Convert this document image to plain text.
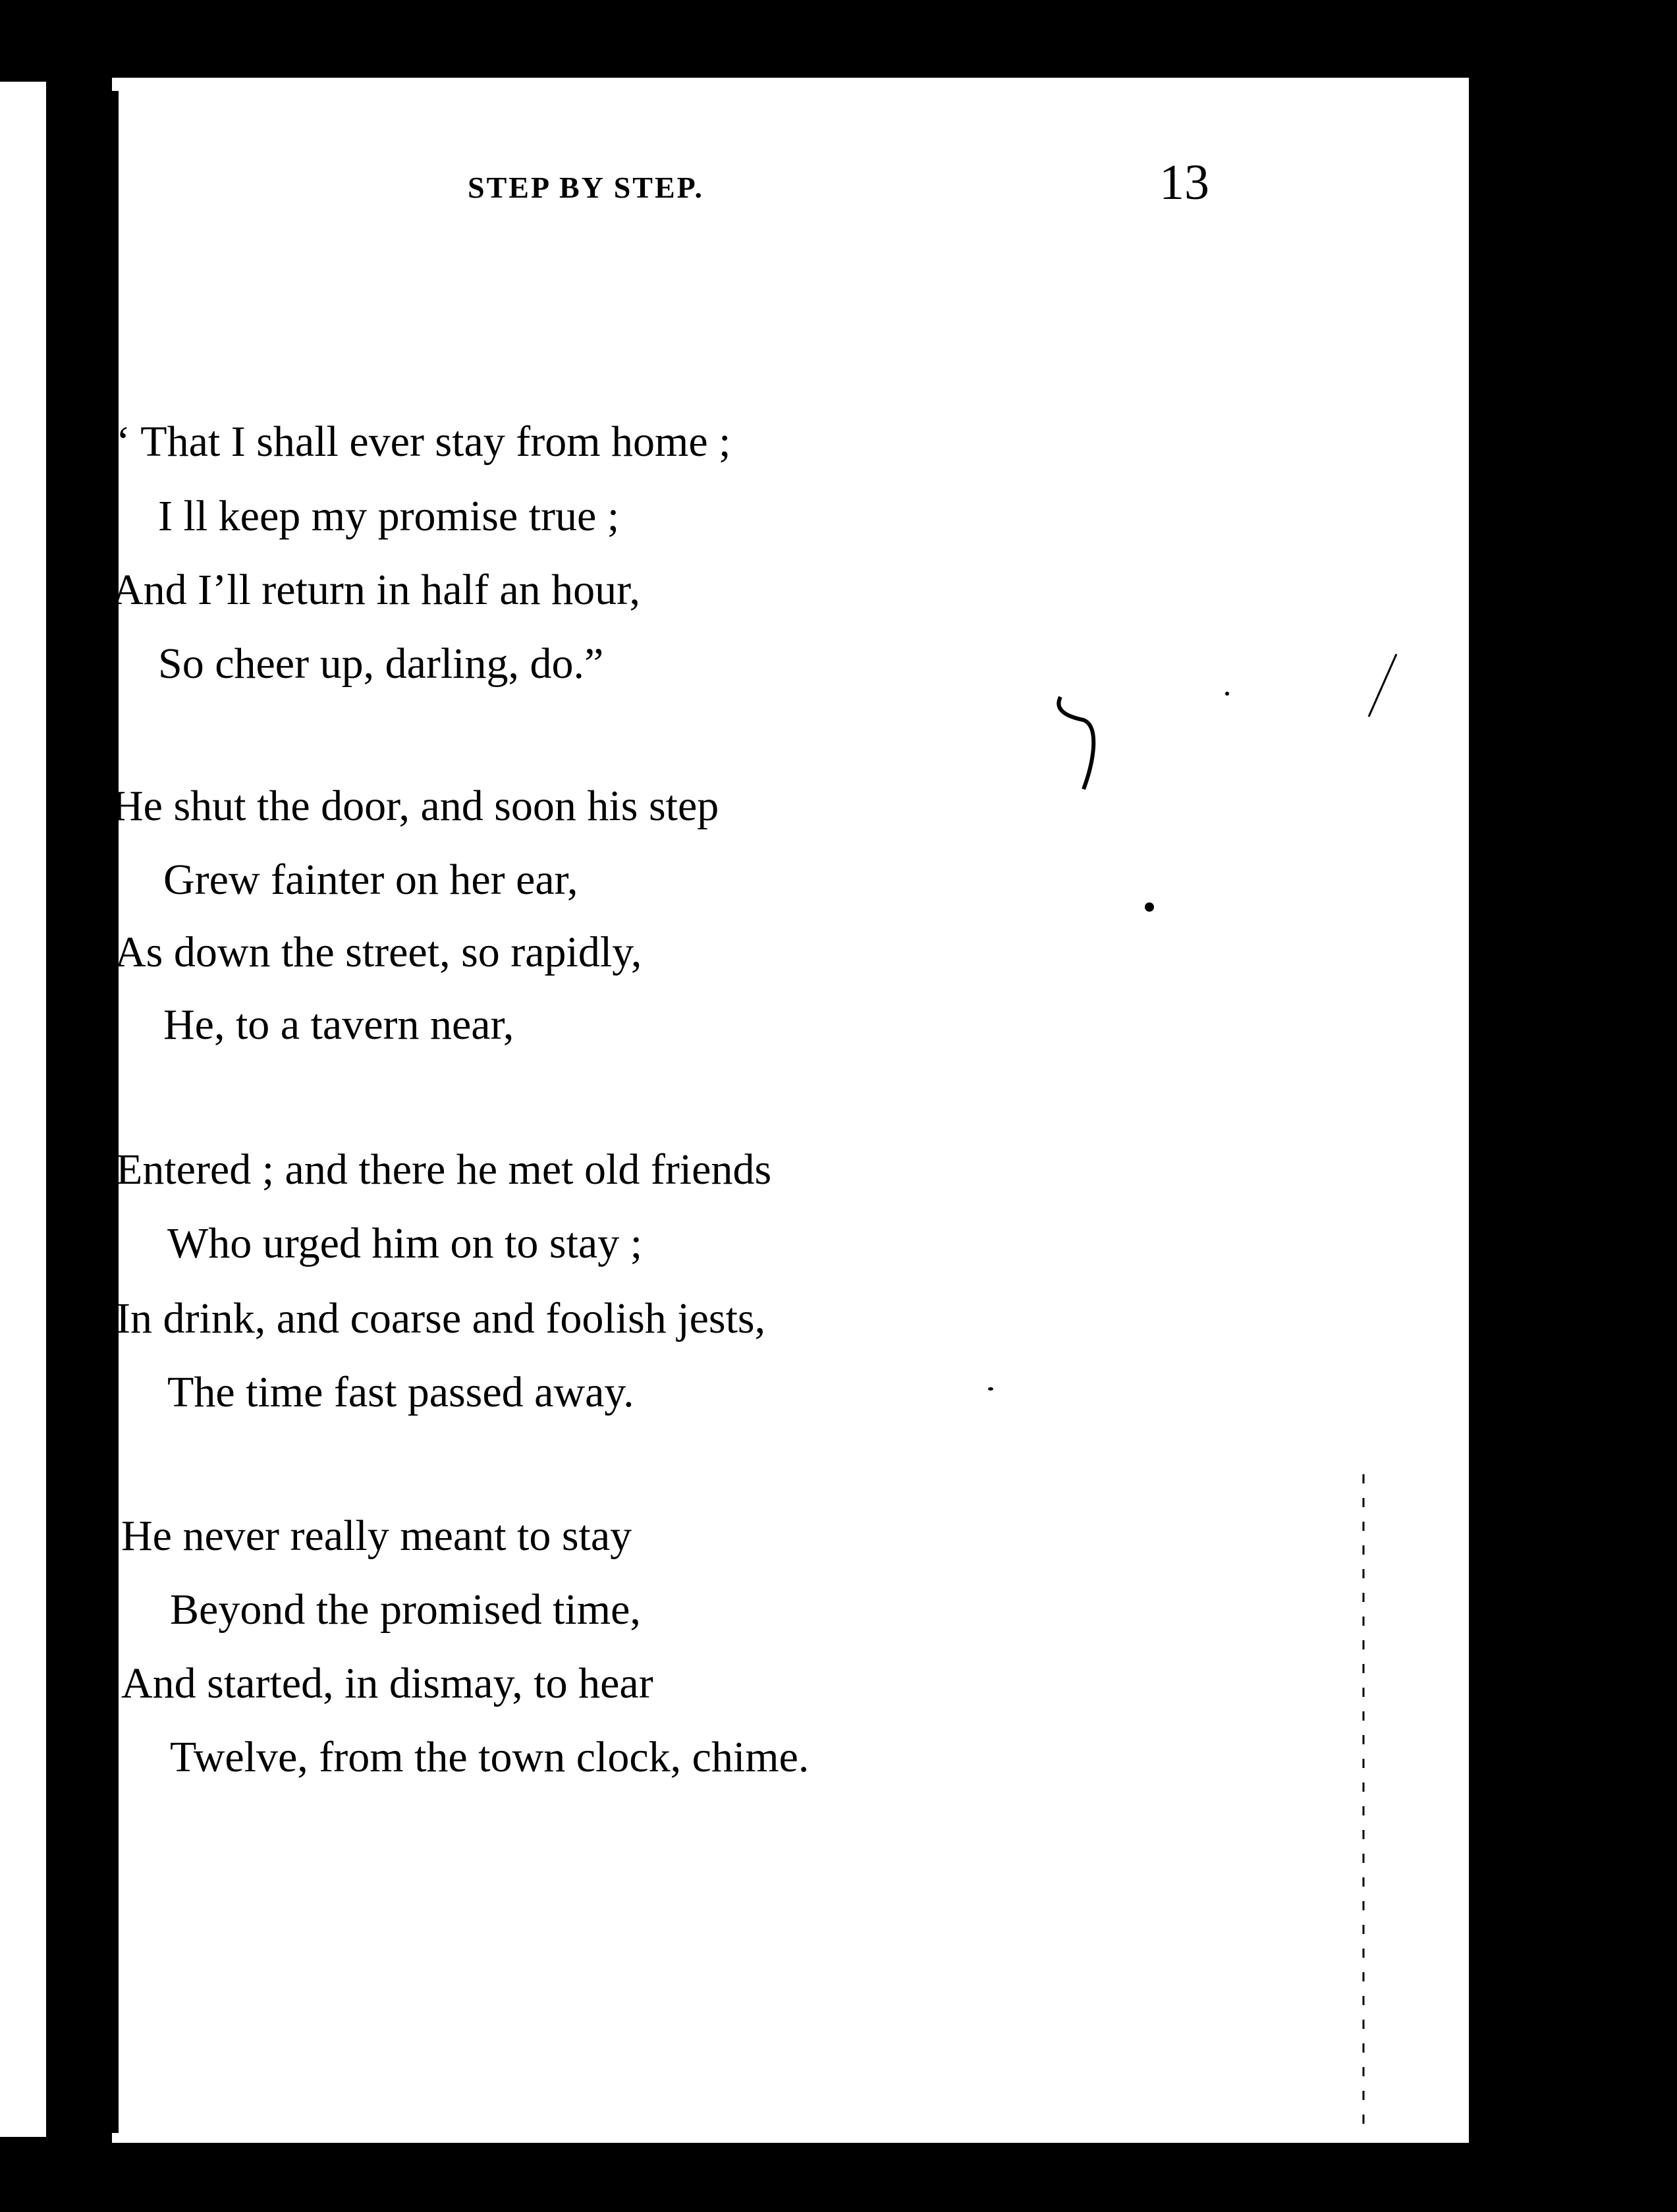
STEP BY STEP.	13
‘ That I shall ever stay from home ;
I ll keep my promise true ;
And I’ll return in half an hour,
So cheer up, darling, do.”
He shut the door, and soon his step
Grew fainter on her ear,
As down the street, so rapidly,
He, to a tavern near,
Entered ; and there he met old friends
Who urged him on to stay ;
In drink, and coarse and foolish jests,
The time fast passed away.
He never really meant to stay
Beyond the promised time,
And started, in dismay, to hear
Twelve, from the town clock, chime.
